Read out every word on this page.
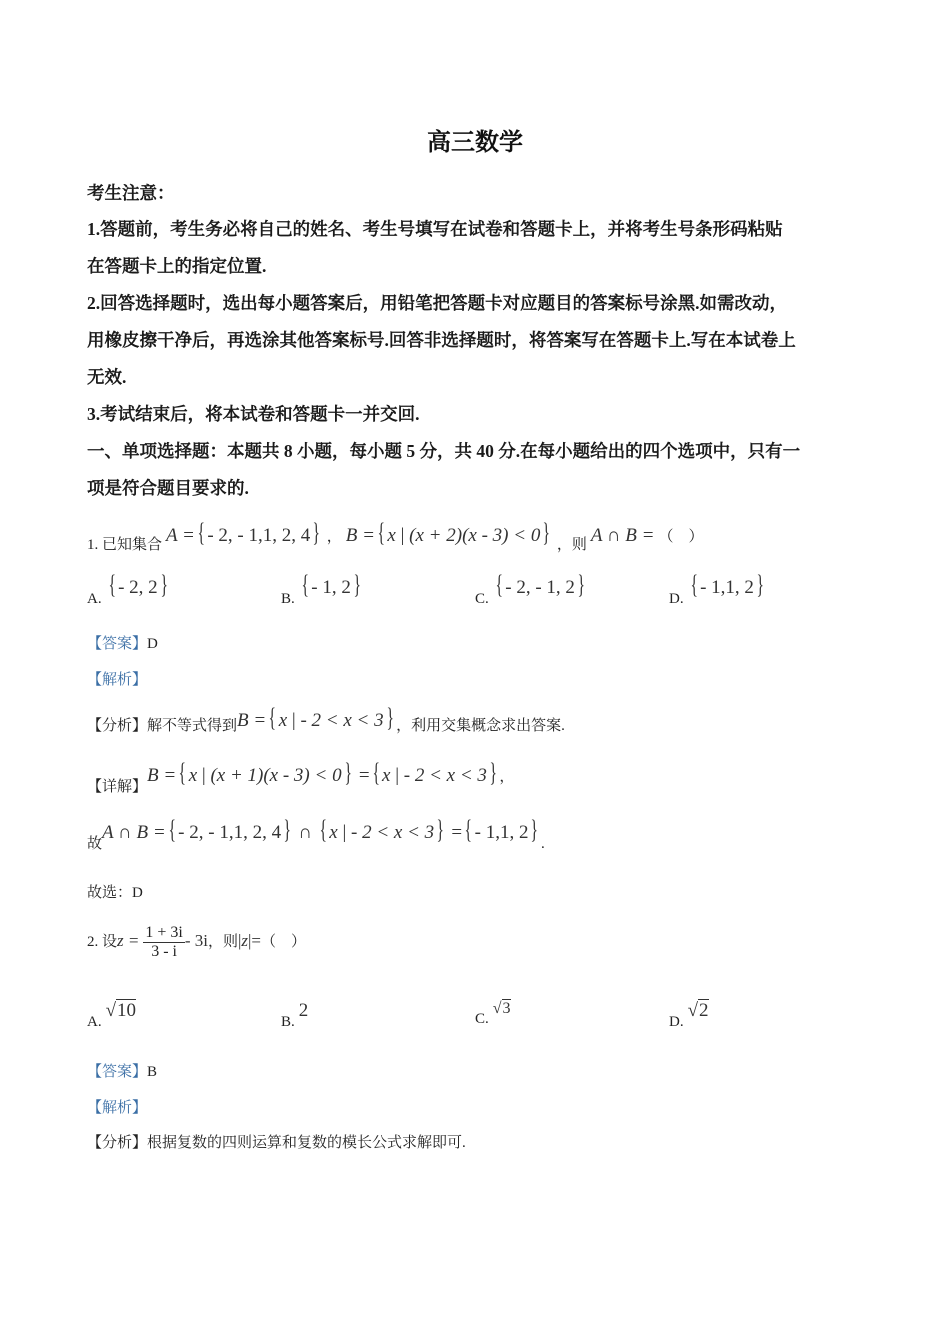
高三数学
考生注意：
1.答题前，考生务必将自己的姓名、考生号填写在试卷和答题卡上，并将考生号条形码粘贴
在答题卡上的指定位置.
2.回答选择题时，选出每小题答案后，用铅笔把答题卡对应题目的答案标号涂黑.如需改动，
用橡皮擦干净后，再选涂其他答案标号.回答非选择题时，将答案写在答题卡上.写在本试卷上
无效.
3.考试结束后，将本试卷和答题卡一并交回.
一、单项选择题：本题共 8 小题，每小题 5 分，共 40 分.在每小题给出的四个选项中，只有一
项是符合题目要求的.
1. 已知集合 A ={ - 2, - 1,1, 2, 4} ， B ={ x | (x + 2)(x - 3) < 0} ，则 A ∩ B = （　）
A. { - 2, 2}	B. { - 1, 2}	C. { - 2, - 1, 2}	D. { - 1,1, 2}
【答案】D
【解析】
【分析】解不等式得到B ={ x | - 2 < x < 3} ，利用交集概念求出答案.
【详解】B ={ x | (x + 1)(x - 3) < 0} ={ x | - 2 < x < 3} ，
故A ∩ B ={ - 2, - 1,1, 2, 4} ∩ { x | - 2 < x < 3} ={ - 1,1, 2} .
故选：D
2. 设$z = \frac{1 + 3i}{3 - i} - 3i$，则|z|=（　）
A. √10
B. 2	C. √3
D. √2
【答案】B
【解析】
【分析】根据复数的四则运算和复数的模长公式求解即可.
